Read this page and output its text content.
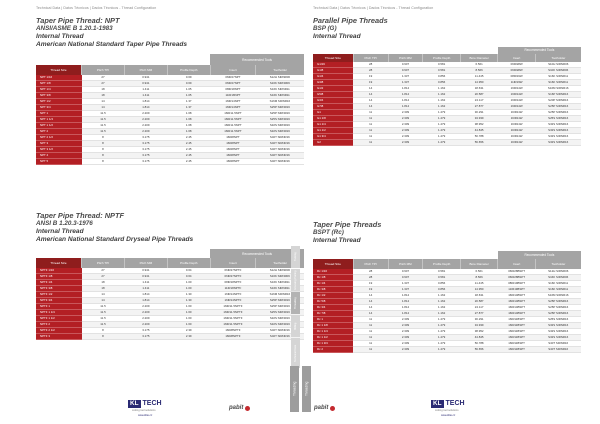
Technical Data | Datos Técnicos | Dados Técnicos - Thread Configuration	Technical Data | Datos Técnicos | Dados Técnicos - Thread Configuration
Taper Pipe Thread: NPT
ANSI/ASME B 1.20.1-1983
Internal Thread
American National Standard Taper Pipe Threads
				Recommended Tools	
Thread Size	Pitch TPI	Pitch MM	Profile Depth	Insert	Toolholder
NPT 1/16	27	0.941	0.69	06IR27NPT	S12H SIRNR06
NPT 1/8	27	0.941	0.69	06IR27NPT	S16K SIRNR06
NPT 1/4	18	1.411	1.05	08IR18NPT	S16K SIRNR11
NPT 3/8	18	1.411	1.05	11IR18NPT	S16K SIRNR11
NPT 1/2	14	1.814	1.37	16IR14NPT	S16M SIRNR16
NPT 3/4	14	1.814	1.37	16IR14NPT	S25P SIRNR16
NPT 1	11.5	2.209	1.68	16IR11.5NPT	S25P SIRNR16
NPT 1 1/4	11.5	2.209	1.68	16IR11.5NPT	S25S SIRNR16
NPT 1 1/2	11.5	2.209	1.68	16IR11.5NPT	S32S SIRNR16
NPT 2	11.5	2.209	1.68	16IR11.5NPT	S32S SIRNR16
NPT 2 1/2	8	3.175	2.45	16IR8NPT	S40T SIRNR16
NPT 3	8	3.175	2.45	16IR8NPT	S40T SIRNR16
NPT 3 1/2	8	3.175	2.45	16IR8NPT	S40T SIRNR16
NPT 4	8	3.175	2.45	16IR8NPT	S40T SIRNR16
NPT 5	8	3.175	2.45	16IR8NPT	S40T SIRNR16
Parallel Pipe Threads
BSP (G)
Internal Thread
					Recommended Tools	
Thread Size	Pitch TPI	Pitch MM	Profile Depth	Bore Diameter	Insert	Toolholder
G1/16	28	0.907	0.581	6.561	06IR28W	S10H SIRNR06
G1/8	28	0.907	0.581	8.566	06IR28W	S10K SIRNR06
G1/4	19	1.337	0.856	11.445	08IR19W	S16K SIRNR11
G3/8	19	1.337	0.856	14.950	11IR19W	S16K SIRNR11
G1/2	14	1.814	1.162	18.631	16IR14W	S16M SIRNR16
G5/8	14	1.814	1.162	20.587	16IR14W	S16P SIRNR16
G3/4	14	1.814	1.162	24.117	16IR14W	S20P SIRNR16
G7/8	14	1.814	1.162	27.877	16IR14W	S25P SIRNR16
G1	11	2.309	1.479	30.291	16IR11W	S25P SIRNR16
G1 1/8	11	2.309	1.479	34.939	16IR11W	S25S SIRNR16
G1 1/4	11	2.309	1.479	38.952	16IR11W	S32S SIRNR16
G1 1/2	11	2.309	1.479	44.845	16IR11W	S32S SIRNR16
G1 3/4	11	2.309	1.479	50.788	16IR11W	S32S SIRNR16
G2	11	2.309	1.479	56.656	16IR11W	S32S SIRNR16
Taper Pipe Thread: NPTF
ANSI B 1.20.3-1976
Internal Thread
American National Standard Dryseal Pipe Threads
				Recommended Tools	
Thread Size	Pitch TPI	Pitch MM	Profile Depth	Insert	Toolholder
NPTF 1/16	27	0.941	0.64	06IR27NPTF	S12H SIRNR06
NPTF 1/8	27	0.941	0.64	06IR27NPTF	S16K SIRNR06
NPTF 1/4	18	1.411	1.00	08IR18NPTF	S16K SIRNR11
NPTF 3/8	18	1.411	1.00	11IR18NPTF	S16K SIRNR11
NPTF 1/2	14	1.814	1.30	16IR14NPTF	S16M SIRNR16
NPTF 3/4	14	1.814	1.30	16IR14NPTF	S25P SIRNR16
NPTF 1	11.5	2.209	1.60	16IR11.5NPTF	S25P SIRNR16
NPTF 1 1/4	11.5	2.209	1.60	16IR11.5NPTF	S25S SIRNR16
NPTF 1 1/2	11.5	2.209	1.60	16IR11.5NPTF	S32S SIRNR16
NPTF 2	11.5	2.209	1.60	16IR11.5NPTF	S32S SIRNR16
NPTF 2 1/2	8	3.175	2.39	16IR8NPTF	S40T SIRNR16
NPTF 3	8	3.175	2.39	16IR8NPTF	S40T SIRNR16
Taper Pipe Threads
BSPT (Rc)
Internal Thread
					Recommended Tools	
Thread Size	Pitch TPI	Pitch MM	Profile Depth	Bore Diameter	Insert	Toolholder
Rc 1/16	28	0.907	0.581	6.561	06IR28BSPT	S12H SIRNR06
Rc 1/8	28	0.907	0.581	8.566	06IR28BSPT	S16K SIRNR06
Rc 1/4	19	1.337	0.856	11.445	08IR19BSPT	S16K SIRNR11
Rc 3/8	19	1.337	0.856	14.950	11IR19BSPT	S16K SIRNR11
Rc 1/2	14	1.814	1.162	18.631	16IR14BSPT	S16M SIRNR16
Rc 5/8	14	1.814	1.162	20.587	16IR14BSPT	S25P SIRNR16
Rc 3/4	14	1.814	1.162	24.117	16IR14BSPT	S25P SIRNR16
Rc 7/8	14	1.814	1.162	27.877	16IR14BSPT	S25P SIRNR16
Rc 1	11	2.309	1.479	30.291	16IR11BSPT	S25S SIRNR16
Rc 1 1/8	11	2.309	1.479	34.939	16IR11BSPT	S32S SIRNR16
Rc 1 1/4	11	2.309	1.479	38.952	16IR11BSPT	S32S SIRNR16
Rc 1 1/2	11	2.309	1.479	44.845	16IR11BSPT	S32S SIRNR16
Rc 1 3/4	11	2.309	1.479	50.788	16IR11BSPT	S40T SIRNR16
Rc 2	11	2.309	1.479	56.656	16IR11BSPT	S40T SIRNR16
Turning
Grooving Parting
Threading
Milling
Technical Data
Threading	Threading
KL TECH
cutting tool solutions
www.kltte.cz
KL TECH
cutting tool solutions
www.kltte.cz
pabit	pabit
